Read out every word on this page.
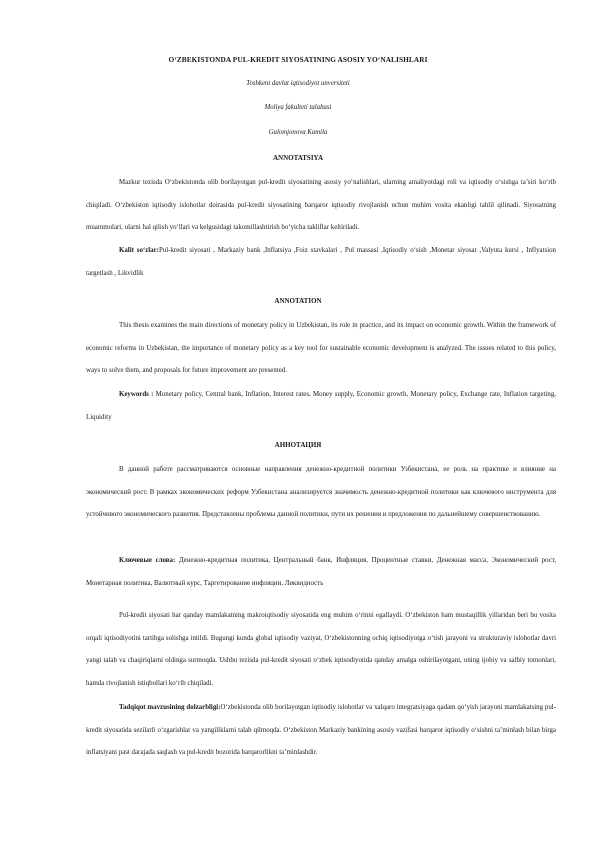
O‘ZBEKISTONDA PUL-KREDIT SIYOSATINING ASOSIY YO‘NALISHLARI
Toshkent davlat iqtisodiyot unversiteti
Moliya fakulteti talabasi
Gulomjonova Kamila
ANNOTATSIYA

Mazkur tezisda O‘zbekistonda olib borilayotgan pul-kredit siyosatining asosiy yo‘nalishlari, ularning amaliyotdagi roli va iqtisodiy o‘sishga ta’siri ko‘rib chiqiladi. O‘zbekiston iqtisodiy islohotlar doirasida pul-kredit siyosatining barqaror iqtisodiy rivojlanish uchun muhim vosita ekanligi tahlil qilinadi. Siyosatning muammolari, ularni hal qilish yo‘llari va kelgusidagi takomillashtirish bo‘yicha takliflar keltiriladi.

Kalit so‘zlar:Pul-kredit siyosati , Markaziy bank ,Inflatsiya ,Foiz stavkalari , Pul massasi ,Iqtisodiy o‘sish ,Monetar siyosat ,Valyuta kursi , Inflyatsion targetlash , Likvidlik

ANNOTATION

This thesis examines the main directions of monetary policy in Uzbekistan, its role in practice, and its impact on economic growth. Within the framework of economic reforms in Uzbekistan, the importance of monetary policy as a key tool for sustainable economic development is analyzed. The issues related to this policy, ways to solve them, and proposals for future improvement are presented.

Keywords : Monetary policy, Central bank, Inflation, Interest rates, Money supply, Economic growth, Monetary policy, Exchange rate, Inflation targeting, Liquidity

АННОТАЦИЯ

В данной работе рассматриваются основные направления денежно-кредитной политики Узбекистана, ее роль на практике и влияние на экономический рост. В рамках экономических реформ Узбекистана анализируется значимость денежно-кредитной политики как ключевого инструмента для устойчивого экономического развития. Представлены проблемы данной политики, пути их решения и предложения по дальнейшему совершенствованию.

Ключевые слова: Денежно-кредитная политика, Центральный банк, Инфляция, Процентные ставки, Денежная масса, Экономический рост, Монетарная политика, Валютный курс, Таргетирование инфляции, Ликвидность

Pul-kredit siyosati har qanday mamlakatning makroiqtisodiy siyosatida eng muhim o‘rinni egallaydi. O‘zbekiston ham mustaqillik yillaridan beri bu vosita orqali iqtisodiyotini tartibga solishga intildi. Bugungi kunda global iqtisodiy vaziyat, O‘zbekistonning ochiq iqtisodiyotga o‘tish jarayoni va strukturaviy islohotlar davri yangi talab va chaqiriqlarni oldinga surmoqda. Ushbu tezisda pul-kredit siyosati o‘zbek iqtisodiyotida qanday amalga oshirilayotgani, uning ijobiy va salbiy tomonlari, hamda rivojlanish istiqbollari ko‘rib chiqiladi.

Tadqiqot mavzusining dolzarbligi:O‘zbekistonda olib borilayotgan iqtisodiy islohotlar va xalqaro integratsiyaga qadam qo‘yish jarayoni mamlakatsing pul-kredit siyosatida sezilarli o‘zgarishlar va yangiliklarni talab qilmoqda. O‘zbekiston Markaziy bankining asosiy vazifasi barqaror iqtisodiy o‘sishni ta’minlash bilan birga inflatsiyani past darajada saqlash va pul-kredit bozorida barqarorlikni ta’minlashdir.
